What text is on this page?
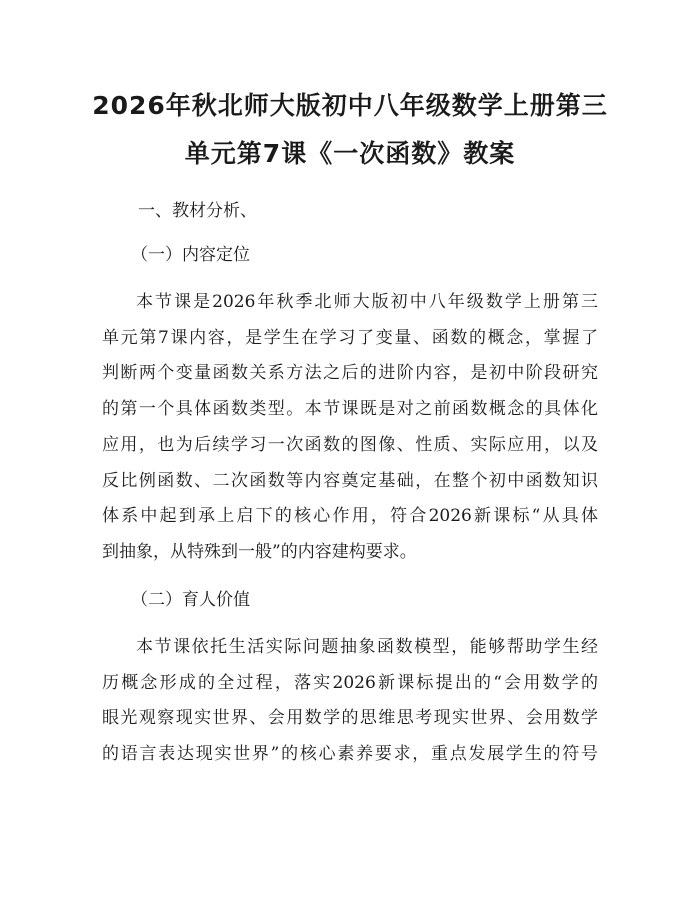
2026年秋北师大版初中八年级数学上册第三
单元第7课《一次函数》教案

一、教材分析、

（一）内容定位

本节课是2026年秋季北师大版初中八年级数学上册第三
单元第7课内容，是学生在学习了变量、函数的概念，掌握了
判断两个变量函数关系方法之后的进阶内容，是初中阶段研究
的第一个具体函数类型。本节课既是对之前函数概念的具体化
应用，也为后续学习一次函数的图像、性质、实际应用，以及
反比例函数、二次函数等内容奠定基础，在整个初中函数知识
体系中起到承上启下的核心作用，符合2026新课标“从具体
到抽象，从特殊到一般”的内容建构要求。

（二）育人价值

本节课依托生活实际问题抽象函数模型，能够帮助学生经
历概念形成的全过程，落实2026新课标提出的“会用数学的
眼光观察现实世界、会用数学的思维思考现实世界、会用数学
的语言表达现实世界”的核心素养要求，重点发展学生的符号
